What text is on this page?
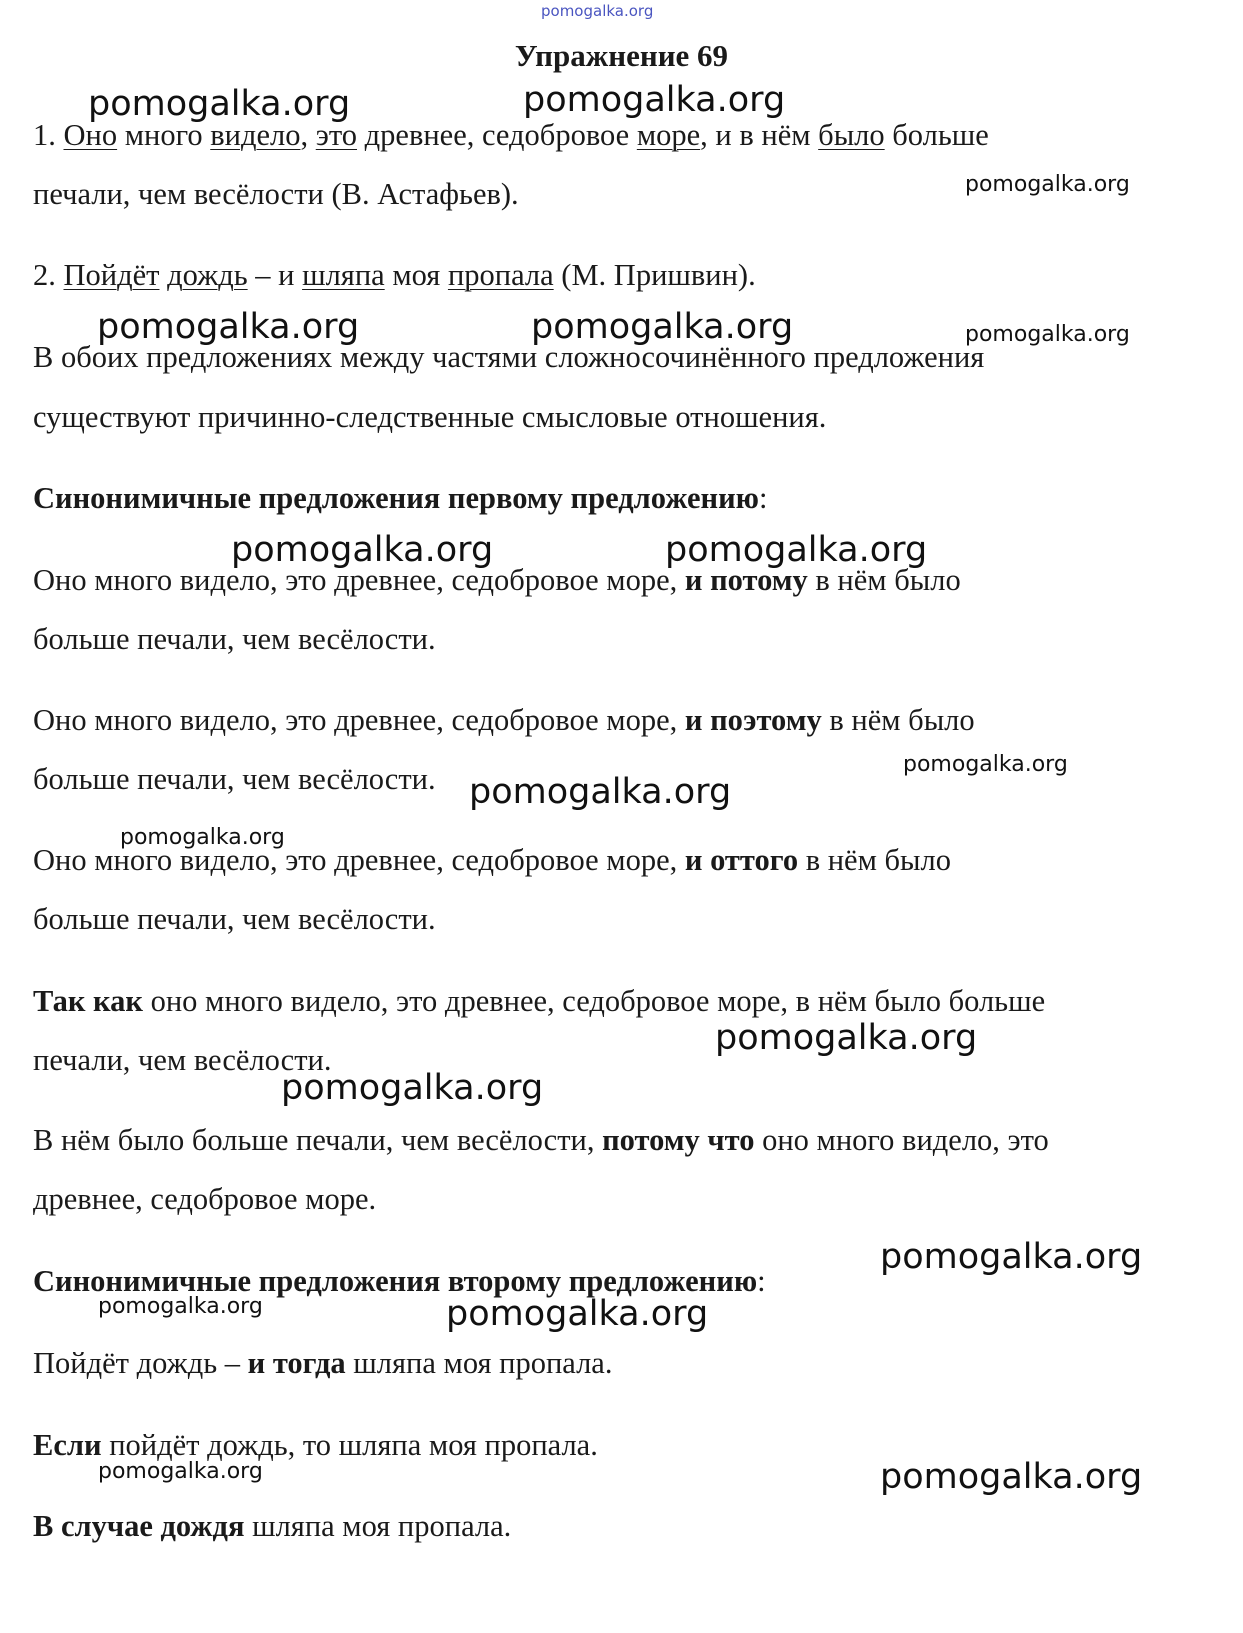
pomogalka.org
Упражнение 69
1. Оно много видело, это древнее, седобровое море, и в нём было больше
печали, чем весёлости (В. Астафьев).
2. Пойдёт дождь – и шляпа моя пропала (М. Пришвин).
В обоих предложениях между частями сложносочинённого предложения
существуют причинно-следственные смысловые отношения.
Синонимичные предложения первому предложению:
Оно много видело, это древнее, седобровое море, и потому в нём было
больше печали, чем весёлости.
Оно много видело, это древнее, седобровое море, и поэтому в нём было
больше печали, чем весёлости.
Оно много видело, это древнее, седобровое море, и оттого в нём было
больше печали, чем весёлости.
Так как оно много видело, это древнее, седобровое море, в нём было больше
печали, чем весёлости.
В нём было больше печали, чем весёлости, потому что оно много видело, это
древнее, седобровое море.
Синонимичные предложения второму предложению:
Пойдёт дождь – и тогда шляпа моя пропала.
Если пойдёт дождь, то шляпа моя пропала.
В случае дождя шляпа моя пропала.
pomogalka.org	pomogalka.org
pomogalka.org
pomogalka.org	pomogalka.org	pomogalka.org
pomogalka.org	pomogalka.org
pomogalka.org
pomogalka.org
pomogalka.org
pomogalka.org
pomogalka.org
pomogalka.org
pomogalka.org	pomogalka.org
pomogalka.org	pomogalka.org
